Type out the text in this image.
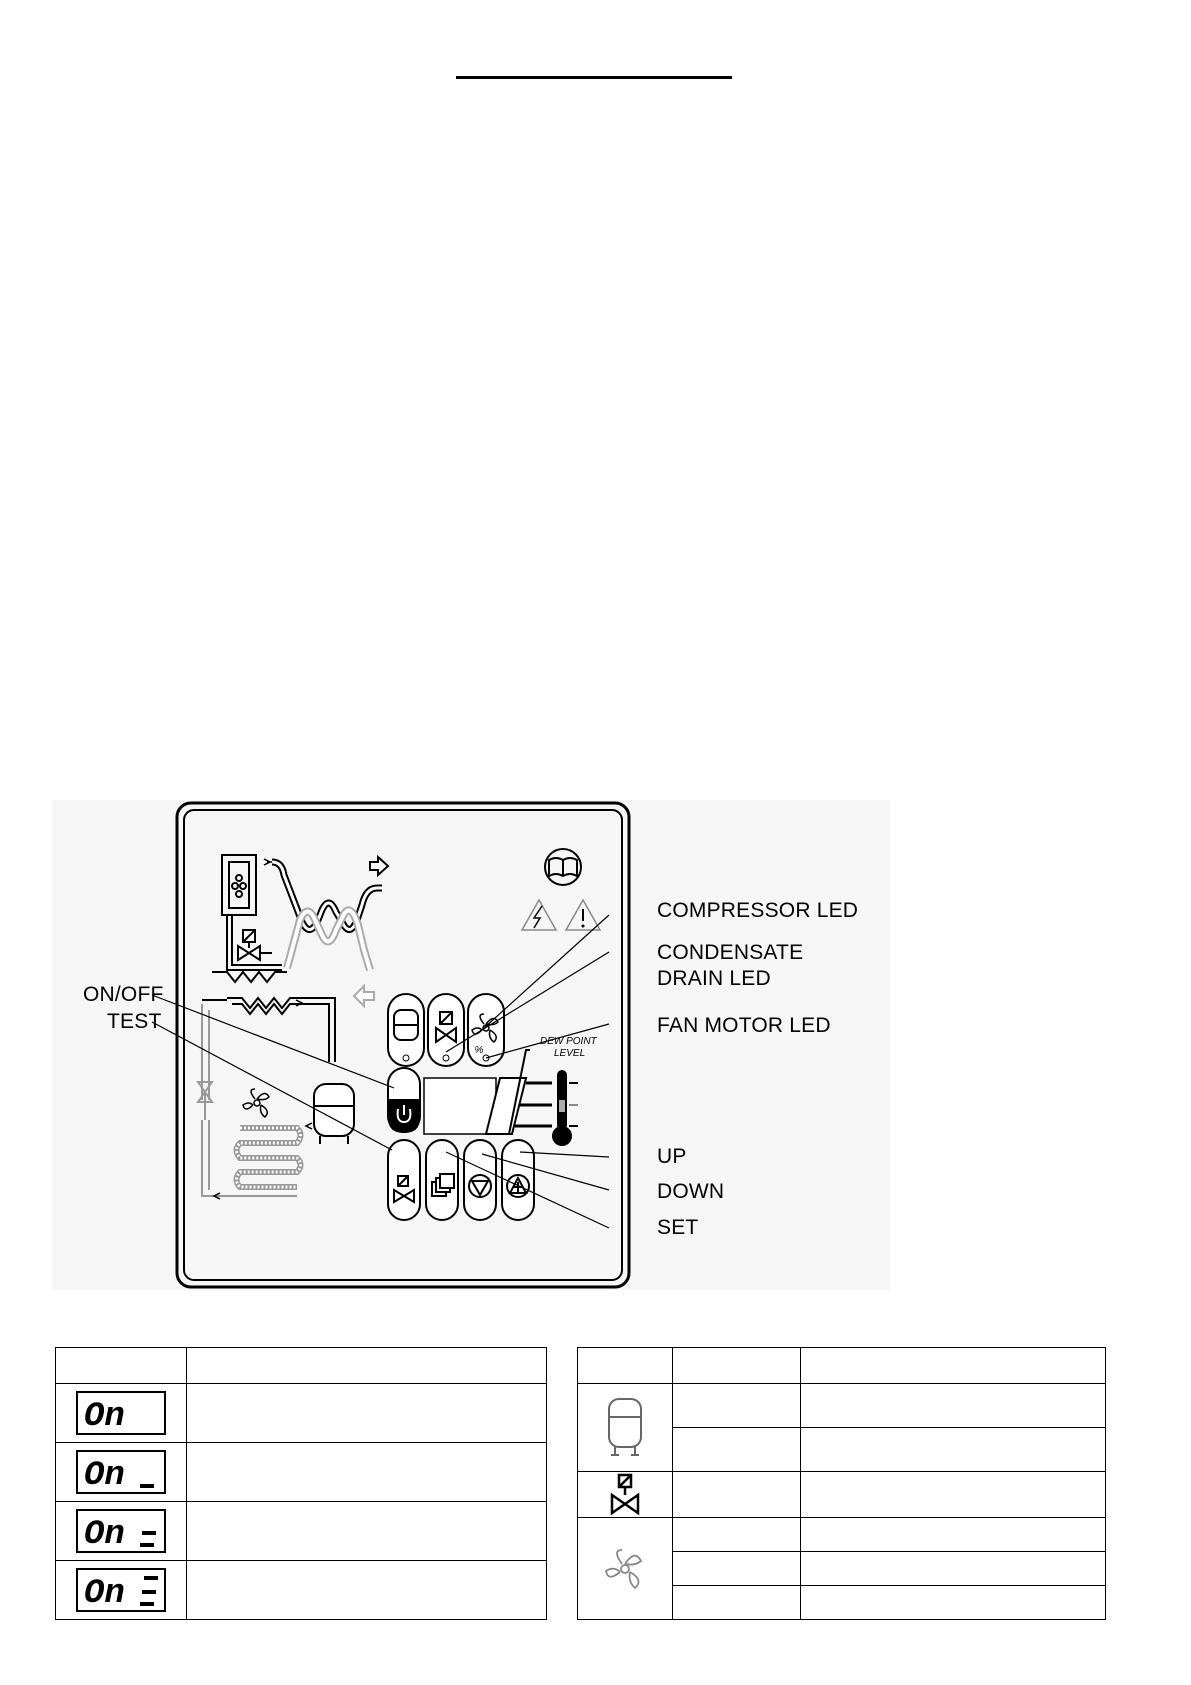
%
DEW POINT
LEVEL
COMPRESSOR LED
CONDENSATE
DRAIN LED
FAN MOTOR LED
ON/OFF
TEST
UP
DOWN
SET

On	

On	

On	

On	
